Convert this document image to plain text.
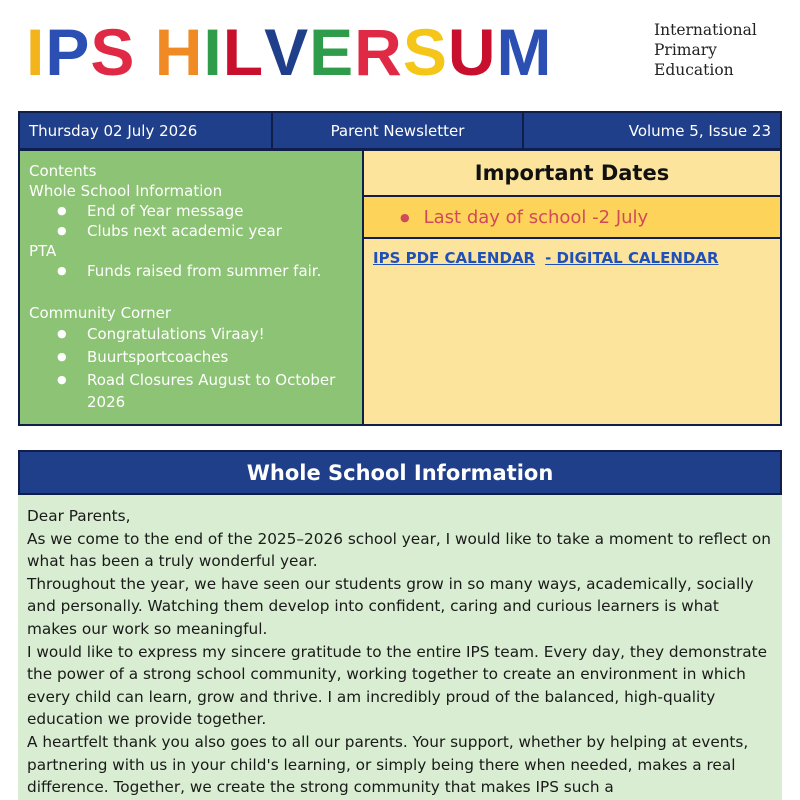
IPS HILVERSUM	International
Primary
Education
Thursday 02 July 2026	Parent Newsletter	Volume 5, Issue 23
Contents
Whole School Information
● End of Year message
● Clubs next academic year
PTA
● Funds raised from summer fair.
Community Corner
● Congratulations Viraay!
● Buurtsportcoaches
● Road Closures August to October 2026
Important Dates
● Last day of school -2 July
IPS PDF CALENDAR - DIGITAL CALENDAR
Whole School Information

Dear Parents,

As we come to the end of the 2025–2026 school year, I would like to take a moment to reflect on what has been a truly wonderful year.

Throughout the year, we have seen our students grow in so many ways, academically, socially and personally. Watching them develop into confident, caring and curious learners is what makes our work so meaningful.

I would like to express my sincere gratitude to the entire IPS team. Every day, they demonstrate the power of a strong school community, working together to create an environment in which every child can learn, grow and thrive. I am incredibly proud of the balanced, high-quality education we provide together.

A heartfelt thank you also goes to all our parents. Your support, whether by helping at events, partnering with us in your child's learning, or simply being there when needed, makes a real difference. Together, we create the strong community that makes IPS such a
